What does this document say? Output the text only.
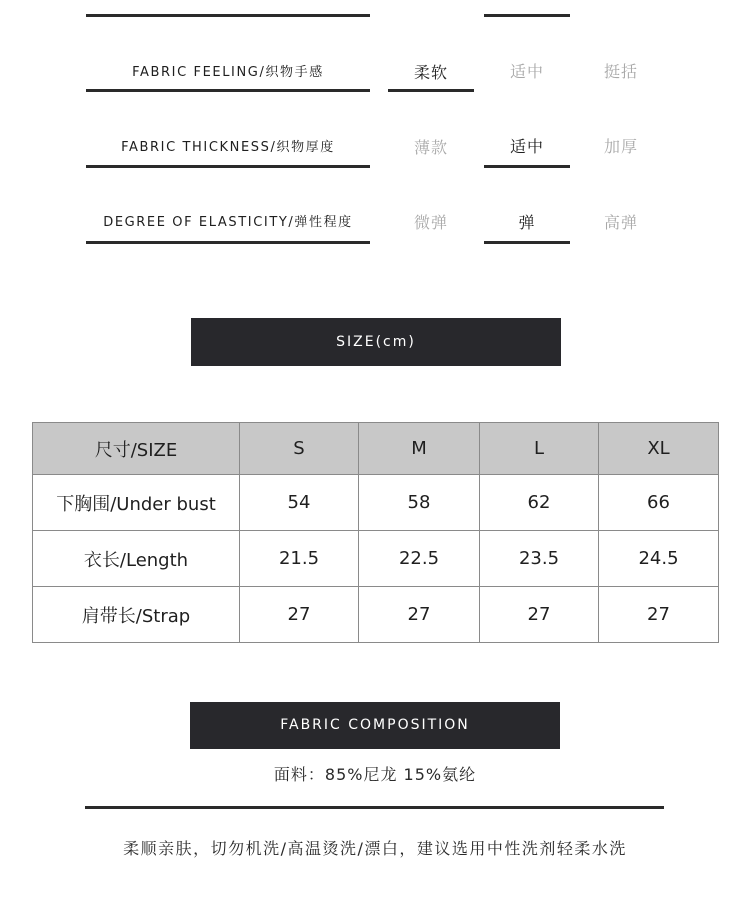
FABRIC FEELING/织物手感	柔软	适中	挺括
FABRIC THICKNESS/织物厚度	薄款	适中	加厚
DEGREE OF ELASTICITY/弹性程度	微弹	弹	高弹
SIZE(cm)
尺寸/SIZE	S	M	L	XL
下胸围/Under bust	54	58	62	66
衣长/Length	21.5	22.5	23.5	24.5
肩带长/Strap	27	27	27	27
FABRIC COMPOSITION
面料：85%尼龙 15%氨纶
柔顺亲肤，切勿机洗/高温烫洗/漂白，建议选用中性洗剂轻柔水洗
